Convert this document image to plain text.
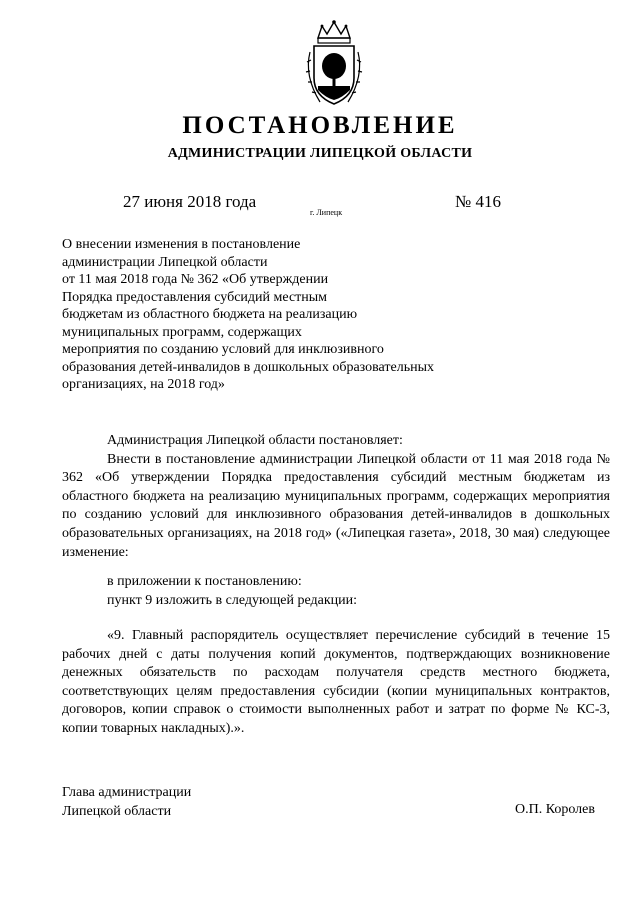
ПОСТАНОВЛЕНИЕ
АДМИНИСТРАЦИИ ЛИПЕЦКОЙ ОБЛАСТИ
27 июня 2018 года
г. Липецк
№ 416
О внесении изменения в постановление
администрации Липецкой области
от 11 мая 2018 года № 362 «Об утверждении
Порядка предоставления субсидий местным
бюджетам из областного бюджета на реализацию
муниципальных программ, содержащих
мероприятия по созданию условий для инклюзивного
образования детей-инвалидов в дошкольных образовательных
организациях, на 2018 год»

Администрация Липецкой области постановляет:

Внести в постановление администрации Липецкой области от 11 мая 2018 года № 362 «Об утверждении Порядка предоставления субсидий местным бюджетам из областного бюджета на реализацию муниципальных программ, содержащих мероприятия по созданию условий для инклюзивного образования детей-инвалидов в дошкольных образовательных организациях, на 2018 год» («Липецкая газета», 2018, 30 мая) следующее изменение:

в приложении к постановлению:

пункт 9 изложить в следующей редакции:

«9. Главный распорядитель осуществляет перечисление субсидий в течение 15 рабочих дней с даты получения копий документов, подтверждающих возникновение денежных обязательств по расходам получателя средств местного бюджета, соответствующих целям предоставления субсидии (копии муниципальных контрактов, договоров, копии справок о стоимости выполненных работ и затрат по форме № КС-3, копии товарных накладных).».

Глава администрации
Липецкой области	О.П. Королев
